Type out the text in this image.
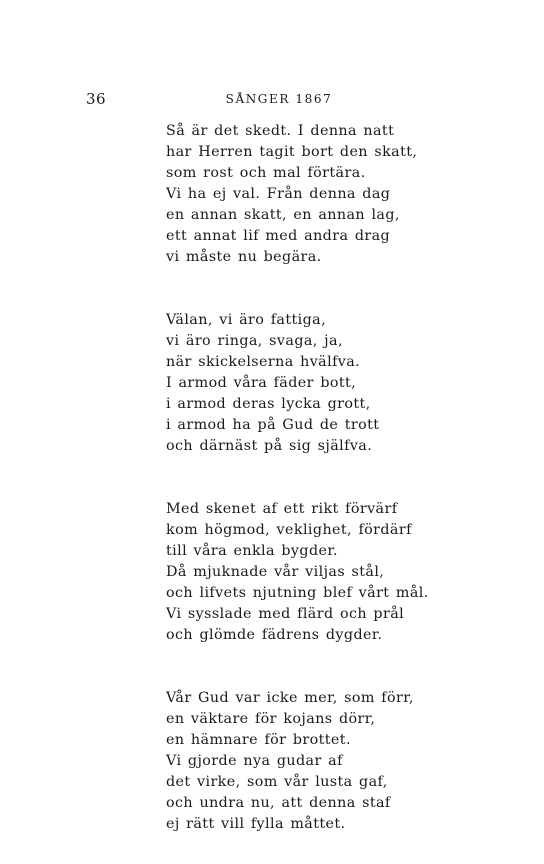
36	SÅNGER 1867
Så är det skedt. I denna natt
har Herren tagit bort den skatt,
som rost och mal förtära.
Vi ha ej val. Från denna dag
en annan skatt, en annan lag,
ett annat lif med andra drag
vi måste nu begära.
Välan, vi äro fattiga,
vi äro ringa, svaga, ja,
när skickelserna hvälfva.
I armod våra fäder bott,
i armod deras lycka grott,
i armod ha på Gud de trott
och därnäst på sig själfva.
Med skenet af ett rikt förvärf
kom högmod, veklighet, fördärf
till våra enkla bygder.
Då mjuknade vår viljas stål,
och lifvets njutning blef vårt mål.
Vi sysslade med flärd och prål
och glömde fädrens dygder.
Vår Gud var icke mer, som förr,
en väktare för kojans dörr,
en hämnare för brottet.
Vi gjorde nya gudar af
det virke, som vår lusta gaf,
och undra nu, att denna staf
ej rätt vill fylla måttet.
